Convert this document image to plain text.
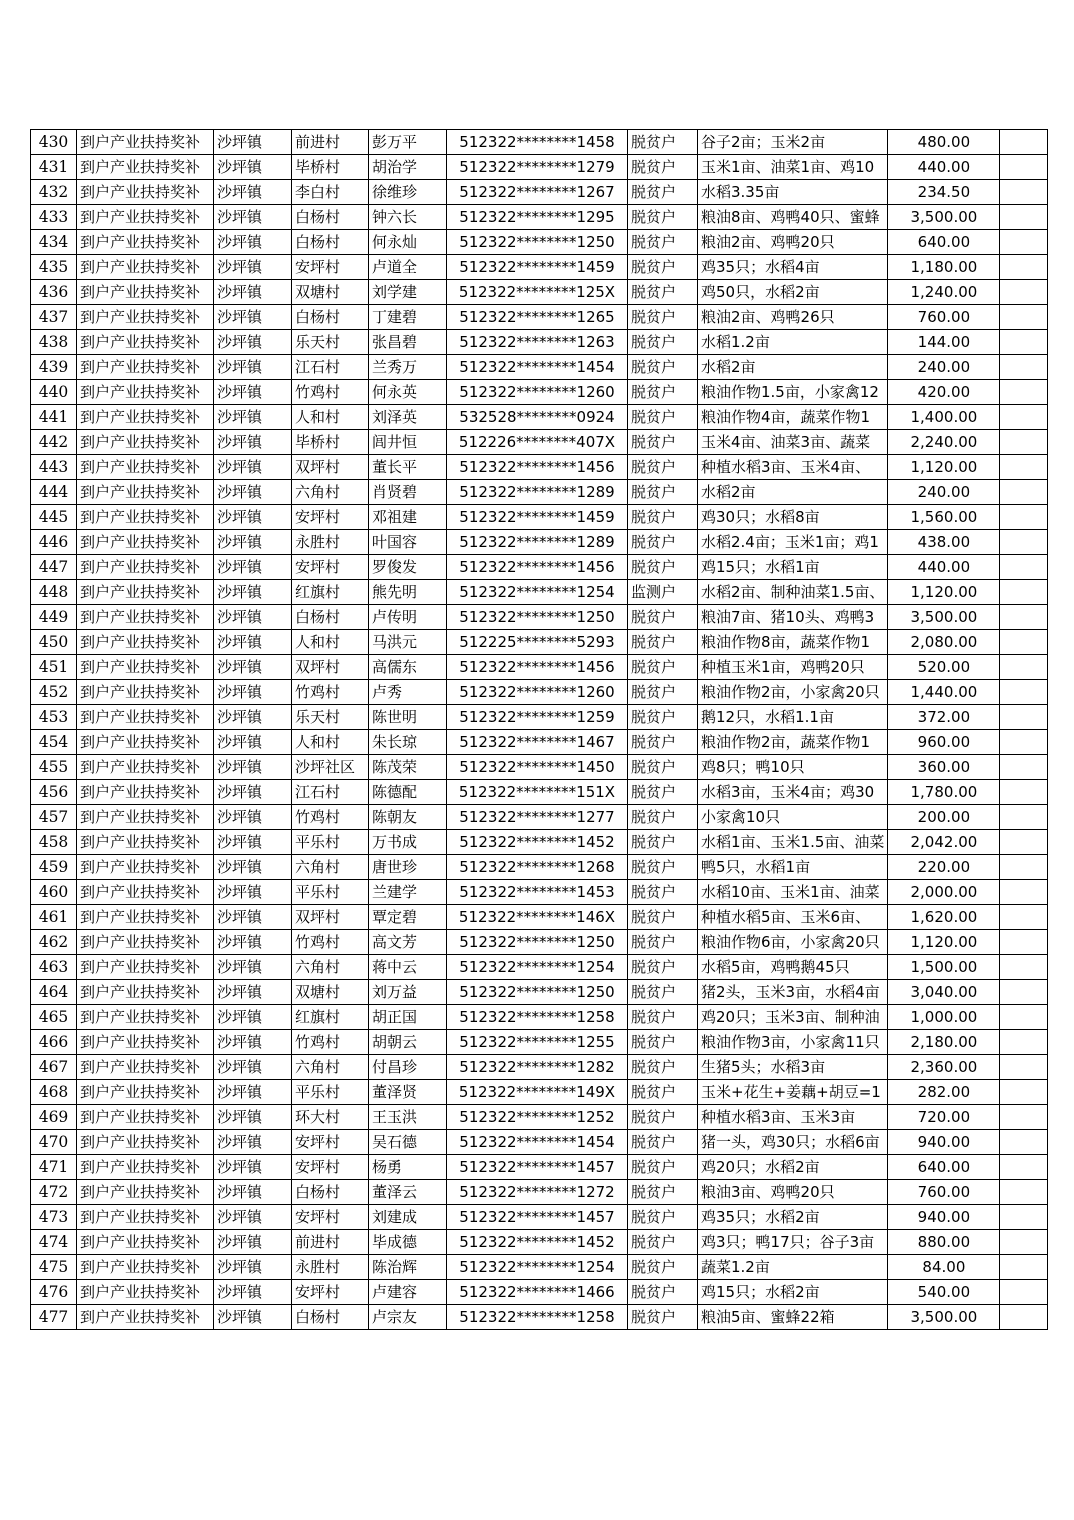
430	到户产业扶持奖补	沙坪镇	前进村	彭万平	512322********1458	脱贫户	谷子2亩；玉米2亩	480.00	
431	到户产业扶持奖补	沙坪镇	毕桥村	胡治学	512322********1279	脱贫户	玉米1亩、油菜1亩、鸡10	440.00	
432	到户产业扶持奖补	沙坪镇	李白村	徐维珍	512322********1267	脱贫户	水稻3.35亩	234.50	
433	到户产业扶持奖补	沙坪镇	白杨村	钟六长	512322********1295	脱贫户	粮油8亩、鸡鸭40只、蜜蜂	3,500.00	
434	到户产业扶持奖补	沙坪镇	白杨村	何永灿	512322********1250	脱贫户	粮油2亩、鸡鸭20只	640.00	
435	到户产业扶持奖补	沙坪镇	安坪村	卢道全	512322********1459	脱贫户	鸡35只；水稻4亩	1,180.00	
436	到户产业扶持奖补	沙坪镇	双塘村	刘学建	512322********125X	脱贫户	鸡50只，水稻2亩	1,240.00	
437	到户产业扶持奖补	沙坪镇	白杨村	丁建碧	512322********1265	脱贫户	粮油2亩、鸡鸭26只	760.00	
438	到户产业扶持奖补	沙坪镇	乐天村	张昌碧	512322********1263	脱贫户	水稻1.2亩	144.00	
439	到户产业扶持奖补	沙坪镇	江石村	兰秀万	512322********1454	脱贫户	水稻2亩	240.00	
440	到户产业扶持奖补	沙坪镇	竹鸡村	何永英	512322********1260	脱贫户	粮油作物1.5亩，小家禽12	420.00	
441	到户产业扶持奖补	沙坪镇	人和村	刘泽英	532528********0924	脱贫户	粮油作物4亩，蔬菜作物1	1,400.00	
442	到户产业扶持奖补	沙坪镇	毕桥村	闾井恒	512226********407X	脱贫户	玉米4亩、油菜3亩、蔬菜	2,240.00	
443	到户产业扶持奖补	沙坪镇	双坪村	董长平	512322********1456	脱贫户	种植水稻3亩、玉米4亩、	1,120.00	
444	到户产业扶持奖补	沙坪镇	六角村	肖贤碧	512322********1289	脱贫户	水稻2亩	240.00	
445	到户产业扶持奖补	沙坪镇	安坪村	邓祖建	512322********1459	脱贫户	鸡30只；水稻8亩	1,560.00	
446	到户产业扶持奖补	沙坪镇	永胜村	叶国容	512322********1289	脱贫户	水稻2.4亩；玉米1亩；鸡1	438.00	
447	到户产业扶持奖补	沙坪镇	安坪村	罗俊发	512322********1456	脱贫户	鸡15只；水稻1亩	440.00	
448	到户产业扶持奖补	沙坪镇	红旗村	熊先明	512322********1254	监测户	水稻2亩、制种油菜1.5亩、	1,120.00	
449	到户产业扶持奖补	沙坪镇	白杨村	卢传明	512322********1250	脱贫户	粮油7亩、猪10头、鸡鸭3	3,500.00	
450	到户产业扶持奖补	沙坪镇	人和村	马洪元	512225********5293	脱贫户	粮油作物8亩，蔬菜作物1	2,080.00	
451	到户产业扶持奖补	沙坪镇	双坪村	高儒东	512322********1456	脱贫户	种植玉米1亩，鸡鸭20只	520.00	
452	到户产业扶持奖补	沙坪镇	竹鸡村	卢秀	512322********1260	脱贫户	粮油作物2亩，小家禽20只	1,440.00	
453	到户产业扶持奖补	沙坪镇	乐天村	陈世明	512322********1259	脱贫户	鹅12只，水稻1.1亩	372.00	
454	到户产业扶持奖补	沙坪镇	人和村	朱长琼	512322********1467	脱贫户	粮油作物2亩，蔬菜作物1	960.00	
455	到户产业扶持奖补	沙坪镇	沙坪社区	陈茂荣	512322********1450	脱贫户	鸡8只；鸭10只	360.00	
456	到户产业扶持奖补	沙坪镇	江石村	陈德配	512322********151X	脱贫户	水稻3亩，玉米4亩；鸡30	1,780.00	
457	到户产业扶持奖补	沙坪镇	竹鸡村	陈朝友	512322********1277	脱贫户	小家禽10只	200.00	
458	到户产业扶持奖补	沙坪镇	平乐村	万书成	512322********1452	脱贫户	水稻1亩、玉米1.5亩、油菜	2,042.00	
459	到户产业扶持奖补	沙坪镇	六角村	唐世珍	512322********1268	脱贫户	鸭5只，水稻1亩	220.00	
460	到户产业扶持奖补	沙坪镇	平乐村	兰建学	512322********1453	脱贫户	水稻10亩、玉米1亩、油菜	2,000.00	
461	到户产业扶持奖补	沙坪镇	双坪村	覃定碧	512322********146X	脱贫户	种植水稻5亩、玉米6亩、	1,620.00	
462	到户产业扶持奖补	沙坪镇	竹鸡村	高文芳	512322********1250	脱贫户	粮油作物6亩，小家禽20只	1,120.00	
463	到户产业扶持奖补	沙坪镇	六角村	蒋中云	512322********1254	脱贫户	水稻5亩，鸡鸭鹅45只	1,500.00	
464	到户产业扶持奖补	沙坪镇	双塘村	刘万益	512322********1250	脱贫户	猪2头，玉米3亩，水稻4亩	3,040.00	
465	到户产业扶持奖补	沙坪镇	红旗村	胡正国	512322********1258	脱贫户	鸡20只；玉米3亩、制种油	1,000.00	
466	到户产业扶持奖补	沙坪镇	竹鸡村	胡朝云	512322********1255	脱贫户	粮油作物3亩，小家禽11只	2,180.00	
467	到户产业扶持奖补	沙坪镇	六角村	付昌珍	512322********1282	脱贫户	生猪5头；水稻3亩	2,360.00	
468	到户产业扶持奖补	沙坪镇	平乐村	董泽贤	512322********149X	脱贫户	玉米+花生+姜藕+胡豆=1	282.00	
469	到户产业扶持奖补	沙坪镇	环大村	王玉洪	512322********1252	脱贫户	种植水稻3亩、玉米3亩	720.00	
470	到户产业扶持奖补	沙坪镇	安坪村	吴石德	512322********1454	脱贫户	猪一头，鸡30只；水稻6亩	940.00	
471	到户产业扶持奖补	沙坪镇	安坪村	杨勇	512322********1457	脱贫户	鸡20只；水稻2亩	640.00	
472	到户产业扶持奖补	沙坪镇	白杨村	董泽云	512322********1272	脱贫户	粮油3亩、鸡鸭20只	760.00	
473	到户产业扶持奖补	沙坪镇	安坪村	刘建成	512322********1457	脱贫户	鸡35只；水稻2亩	940.00	
474	到户产业扶持奖补	沙坪镇	前进村	毕成德	512322********1452	脱贫户	鸡3只；鸭17只；谷子3亩	880.00	
475	到户产业扶持奖补	沙坪镇	永胜村	陈治辉	512322********1254	脱贫户	蔬菜1.2亩	84.00	
476	到户产业扶持奖补	沙坪镇	安坪村	卢建容	512322********1466	脱贫户	鸡15只；水稻2亩	540.00	
477	到户产业扶持奖补	沙坪镇	白杨村	卢宗友	512322********1258	脱贫户	粮油5亩、蜜蜂22箱	3,500.00	
